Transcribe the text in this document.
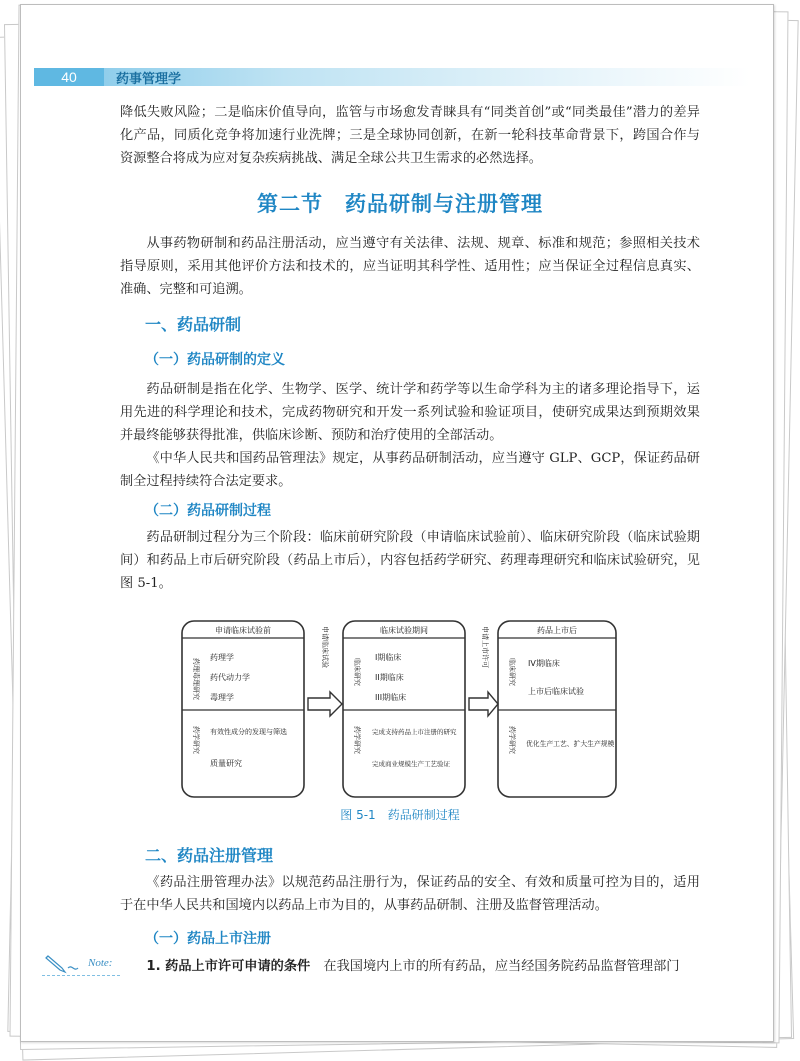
40	药事管理学

降低失败风险；二是临床价值导向，监管与市场愈发青睐具有“同类首创”或“同类最佳”潜力的差异化产品，同质化竞争将加速行业洗牌；三是全球协同创新，在新一轮科技革命背景下，跨国合作与资源整合将成为应对复杂疾病挑战、满足全球公共卫生需求的必然选择。

第二节　药品研制与注册管理

从事药物研制和药品注册活动，应当遵守有关法律、法规、规章、标准和规范；参照相关技术指导原则，采用其他评价方法和技术的，应当证明其科学性、适用性；应当保证全过程信息真实、准确、完整和可追溯。

一、药品研制
（一）药品研制的定义

药品研制是指在化学、生物学、医学、统计学和药学等以生命学科为主的诸多理论指导下，运用先进的科学理论和技术，完成药物研究和开发一系列试验和验证项目，使研究成果达到预期效果并最终能够获得批准，供临床诊断、预防和治疗使用的全部活动。

《中华人民共和国药品管理法》规定，从事药品研制活动，应当遵守 GLP、GCP，保证药品研制全过程持续符合法定要求。

（二）药品研制过程

药品研制过程分为三个阶段：临床前研究阶段（申请临床试验前）、临床研究阶段（临床试验期间）和药品上市后研究阶段（药品上市后），内容包括药学研究、药理毒理研究和临床试验研究，见图 5-1。

申请临床试验前
药理毒理研究
药理学
药代动力学
毒理学
药学研究 有效性成分的发现与筛选
质量研究
申请临床试验	临床试验期间
临床研究
I期临床
II期临床
III期临床
药学研究 完成支持药品上市注册的研究
完成商业规模生产工艺验证
申请上市许可	药品上市后
临床研究 IV期临床
上市后临床试验
药学研究 优化生产工艺、扩大生产规模
图 5-1　药品研制过程
二、药品注册管理

《药品注册管理办法》以规范药品注册行为，保证药品的安全、有效和质量可控为目的，适用于在中华人民共和国境内以药品上市为目的，从事药品研制、注册及监督管理活动。

（一）药品上市注册

1. 药品上市许可申请的条件　 在我国境内上市的所有药品，应当经国务院药品监督管理部门

Note:
